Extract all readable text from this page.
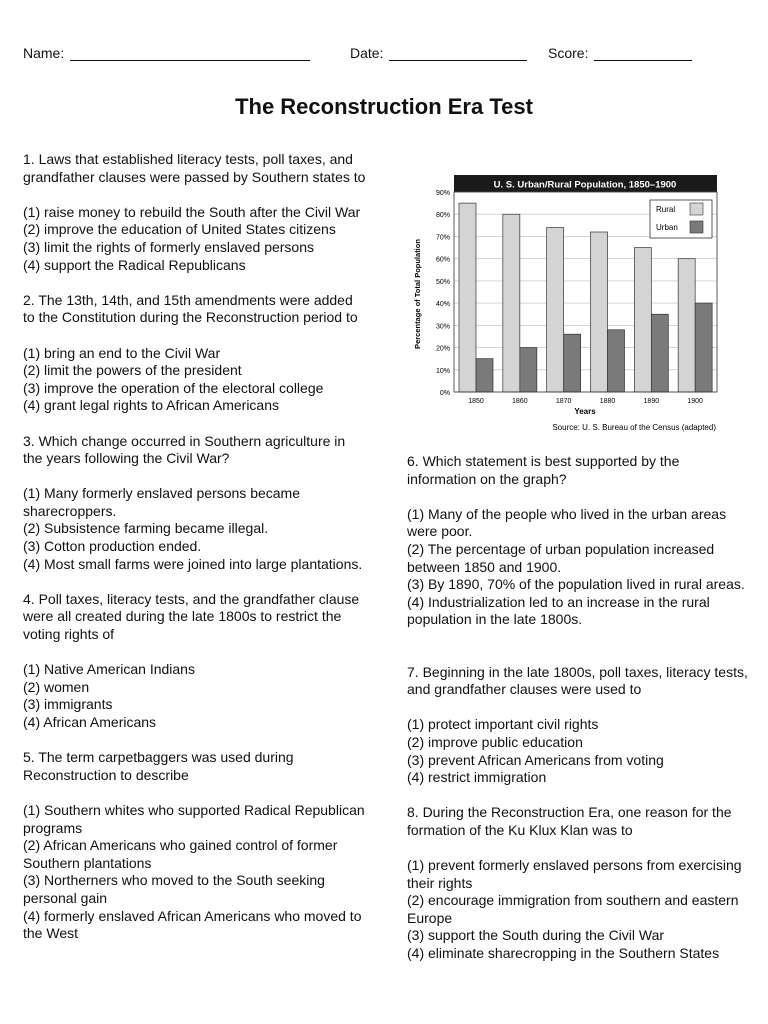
Name:	Date:	Score:
The Reconstruction Era Test
1. Laws that established literacy tests, poll taxes, and grandfather clauses were passed by Southern states to
(1) raise money to rebuild the South after the Civil War
(2) improve the education of United States citizens
(3) limit the rights of formerly enslaved persons
(4) support the Radical Republicans
2. The 13th, 14th, and 15th amendments were added to the Constitution during the Reconstruction period to
(1) bring an end to the Civil War
(2) limit the powers of the president
(3) improve the operation of the electoral college
(4) grant legal rights to African Americans
3. Which change occurred in Southern agriculture in the years following the Civil War?
(1) Many formerly enslaved persons became sharecroppers.
(2) Subsistence farming became illegal.
(3) Cotton production ended.
(4) Most small farms were joined into large plantations.
4. Poll taxes, literacy tests, and the grandfather clause were all created during the late 1800s to restrict the voting rights of
(1) Native American Indians
(2) women
(3) immigrants
(4) African Americans
5. The term carpetbaggers was used during Reconstruction to describe
(1) Southern whites who supported Radical Republican programs
(2) African Americans who gained control of former Southern plantations
(3) Northerners who moved to the South seeking personal gain
(4) formerly enslaved African Americans who moved to the West
U. S. Urban/Rural Population, 1850–1900
0%
10%
20%
30%
40%
50%
60%
70%
80%
90%
1850	1860	1870	1880	1890	1900
Percentage of Total Population
Years
Source: U. S. Bureau of the Census (adapted)
Rural
Urban
6. Which statement is best supported by the information on the graph?
(1) Many of the people who lived in the urban areas were poor.
(2) The percentage of urban population increased between 1850 and 1900.
(3) By 1890, 70% of the population lived in rural areas.
(4) Industrialization led to an increase in the rural population in the late 1800s.
7. Beginning in the late 1800s, poll taxes, literacy tests, and grandfather clauses were used to
(1) protect important civil rights
(2) improve public education
(3) prevent African Americans from voting
(4) restrict immigration
8. During the Reconstruction Era, one reason for the formation of the Ku Klux Klan was to
(1) prevent formerly enslaved persons from exercising their rights
(2) encourage immigration from southern and eastern Europe
(3) support the South during the Civil War
(4) eliminate sharecropping in the Southern States
